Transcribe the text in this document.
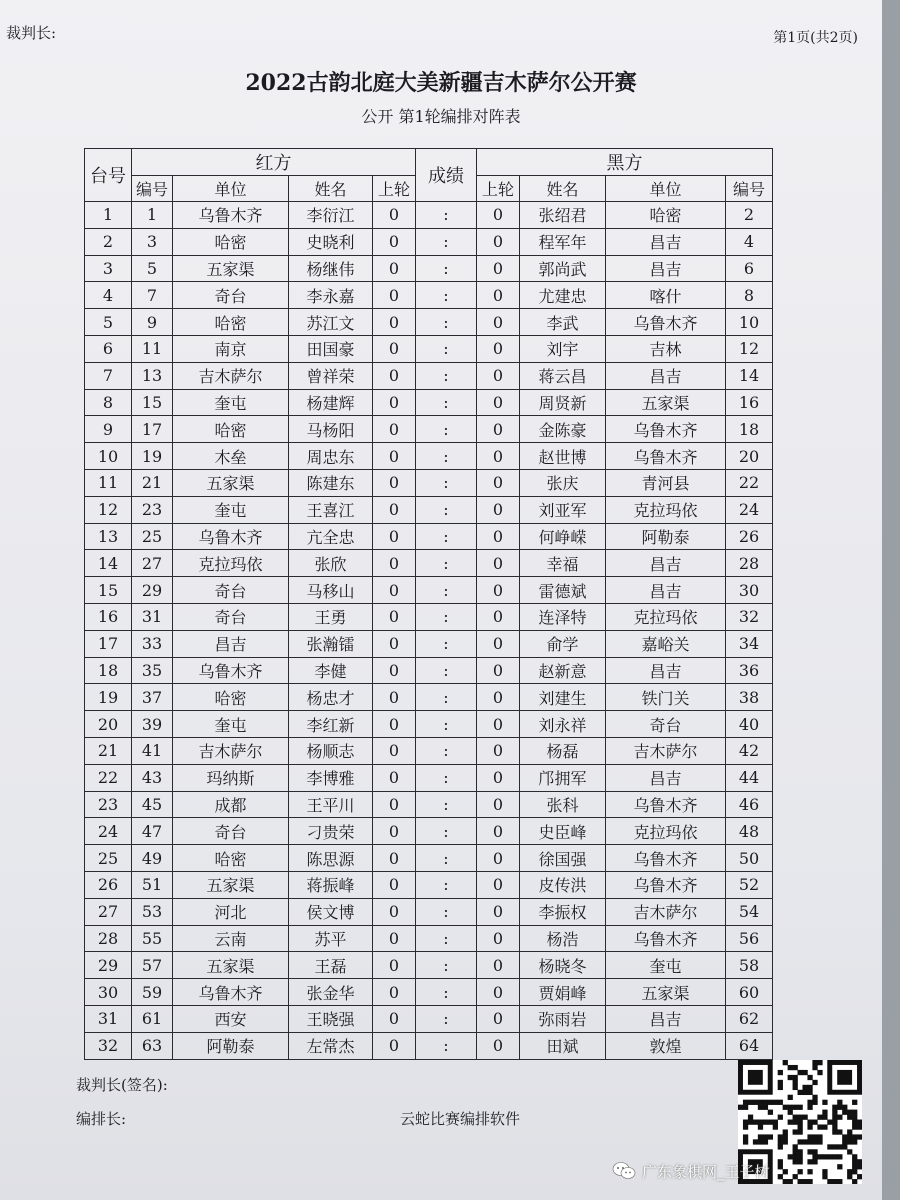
裁判长:	第1页(共2页)
2022古韵北庭大美新疆吉木萨尔公开赛
公开 第1轮编排对阵表
台号	红方				成绩	黑方			
	编号	单位	姓名	上轮		上轮	姓名	单位	编号
1	1	乌鲁木齐	李衍江	0	:	0	张绍君	哈密	2
2	3	哈密	史晓利	0	:	0	程军年	昌吉	4
3	5	五家渠	杨继伟	0	:	0	郭尚武	昌吉	6
4	7	奇台	李永嘉	0	:	0	尤建忠	喀什	8
5	9	哈密	苏江文	0	:	0	李武	乌鲁木齐	10
6	11	南京	田国豪	0	:	0	刘宇	吉林	12
7	13	吉木萨尔	曾祥荣	0	:	0	蒋云昌	昌吉	14
8	15	奎屯	杨建辉	0	:	0	周贤新	五家渠	16
9	17	哈密	马杨阳	0	:	0	金陈豪	乌鲁木齐	18
10	19	木垒	周忠东	0	:	0	赵世博	乌鲁木齐	20
11	21	五家渠	陈建东	0	:	0	张庆	青河县	22
12	23	奎屯	王喜江	0	:	0	刘亚军	克拉玛依	24
13	25	乌鲁木齐	亢全忠	0	:	0	何峥嵘	阿勒泰	26
14	27	克拉玛依	张欣	0	:	0	幸福	昌吉	28
15	29	奇台	马移山	0	:	0	雷德斌	昌吉	30
16	31	奇台	王勇	0	:	0	连泽特	克拉玛依	32
17	33	昌吉	张瀚镭	0	:	0	俞学	嘉峪关	34
18	35	乌鲁木齐	李健	0	:	0	赵新意	昌吉	36
19	37	哈密	杨忠才	0	:	0	刘建生	铁门关	38
20	39	奎屯	李红新	0	:	0	刘永祥	奇台	40
21	41	吉木萨尔	杨顺志	0	:	0	杨磊	吉木萨尔	42
22	43	玛纳斯	李博雅	0	:	0	邝拥军	昌吉	44
23	45	成都	王平川	0	:	0	张科	乌鲁木齐	46
24	47	奇台	刁贵荣	0	:	0	史臣峰	克拉玛依	48
25	49	哈密	陈思源	0	:	0	徐国强	乌鲁木齐	50
26	51	五家渠	蒋振峰	0	:	0	皮传洪	乌鲁木齐	52
27	53	河北	侯文博	0	:	0	李振权	吉木萨尔	54
28	55	云南	苏平	0	:	0	杨浩	乌鲁木齐	56
29	57	五家渠	王磊	0	:	0	杨晓冬	奎屯	58
30	59	乌鲁木齐	张金华	0	:	0	贾娟峰	五家渠	60
31	61	西安	王晓强	0	:	0	弥雨岩	昌吉	62
32	63	阿勒泰	左常杰	0	:	0	田斌	敦煌	64
裁判长(签名):
编排长:	云蛇比赛编排软件
广东象棋网_王子树
